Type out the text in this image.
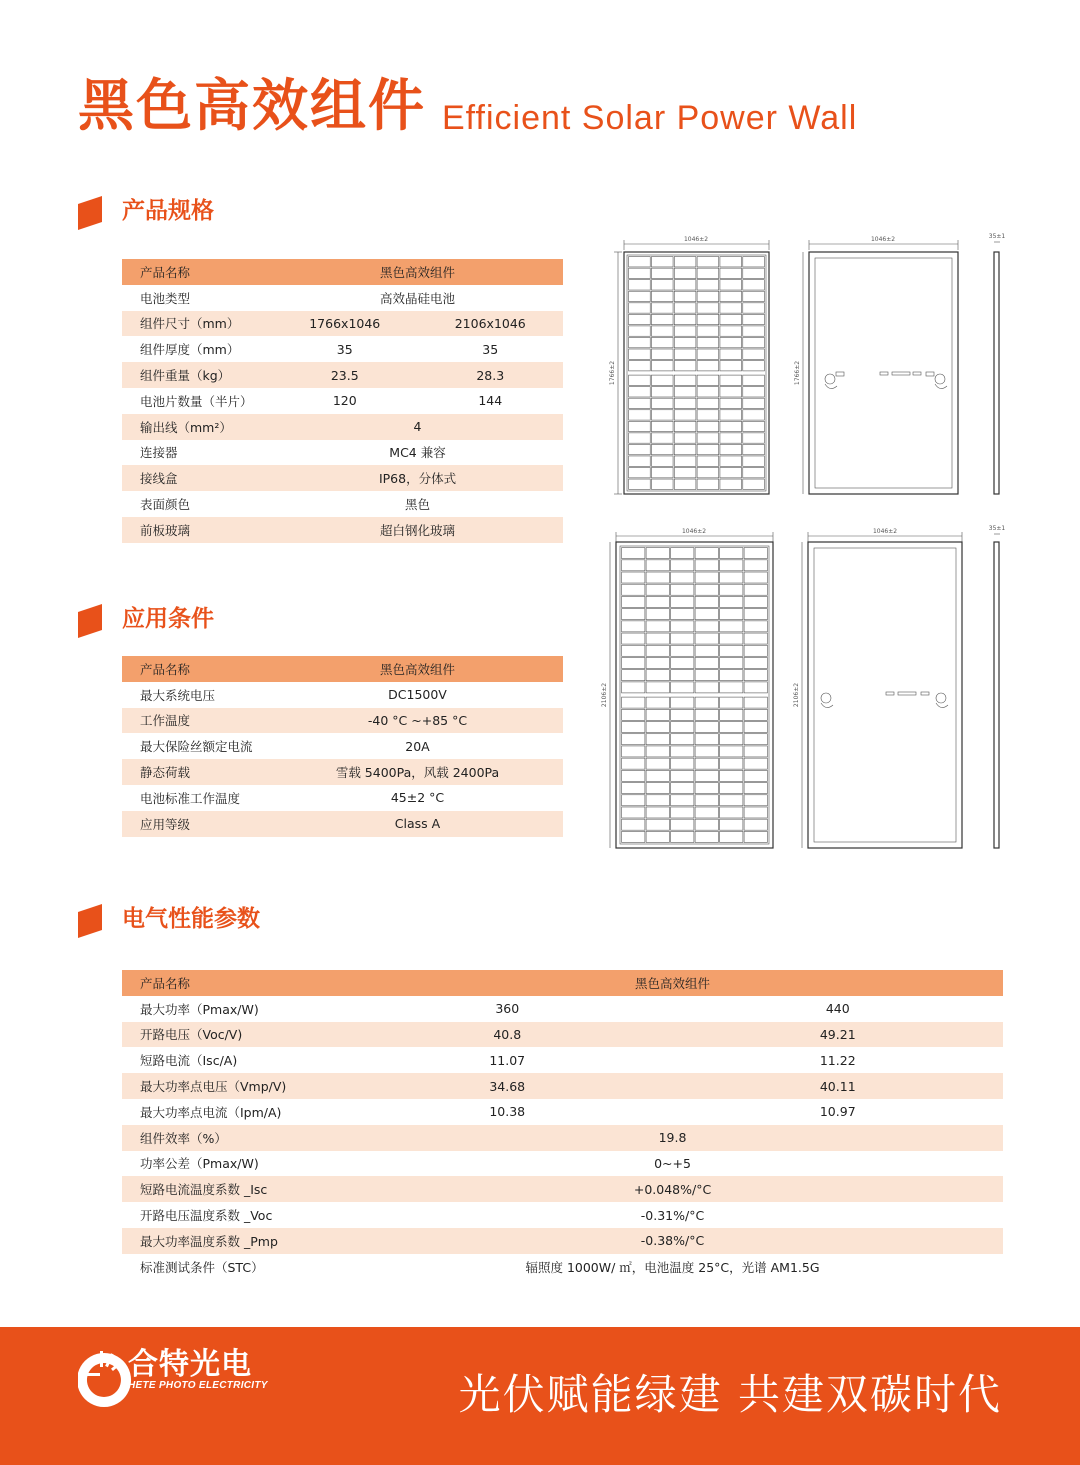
黑色高效组件 Efficient Solar Power Wall
产品规格
产品名称	黑色高效组件	
电池类型	高效晶硅电池	
组件尺寸（mm）	1766x1046	2106x1046
组件厚度（mm）	35	35
组件重量（kg）	23.5	28.3
电池片数量（半片）	120	144
输出线（mm²）	4	
连接器	MC4 兼容	
接线盒	IP68，分体式	
表面颜色	黑色	
前板玻璃	超白钢化玻璃	
应用条件
产品名称	黑色高效组件
最大系统电压	DC1500V
工作温度	-40 °C ~+85 °C
最大保险丝额定电流	20A
静态荷载	雪载 5400Pa，风载 2400Pa
电池标准工作温度	45±2 °C
应用等级	Class A
电气性能参数
产品名称	黑色高效组件	
最大功率（Pmax/W)	360	440
开路电压（Voc/V)	40.8	49.21
短路电流（Isc/A)	11.07	11.22
最大功率点电压（Vmp/V)	34.68	40.11
最大功率点电流（Ipm/A)	10.38	10.97
组件效率（%）	19.8	
功率公差（Pmax/W)	0~+5	
短路电流温度系数 _Isc	+0.048%/°C	
开路电压温度系数 _Voc	-0.31%/°C	
最大功率温度系数 _Pmp	-0.38%/°C	
标准测试条件（STC）	辐照度 1000W/ ㎡，电池温度 25°C，光谱 AM1.5G	
1046±2	1046±2	35±1
1766±2	1766±2
1046±2	1046±2	35±1
2106±2	2106±2
合特光电
HETE PHOTO ELECTRICITY	光伏赋能绿建 共建双碳时代
